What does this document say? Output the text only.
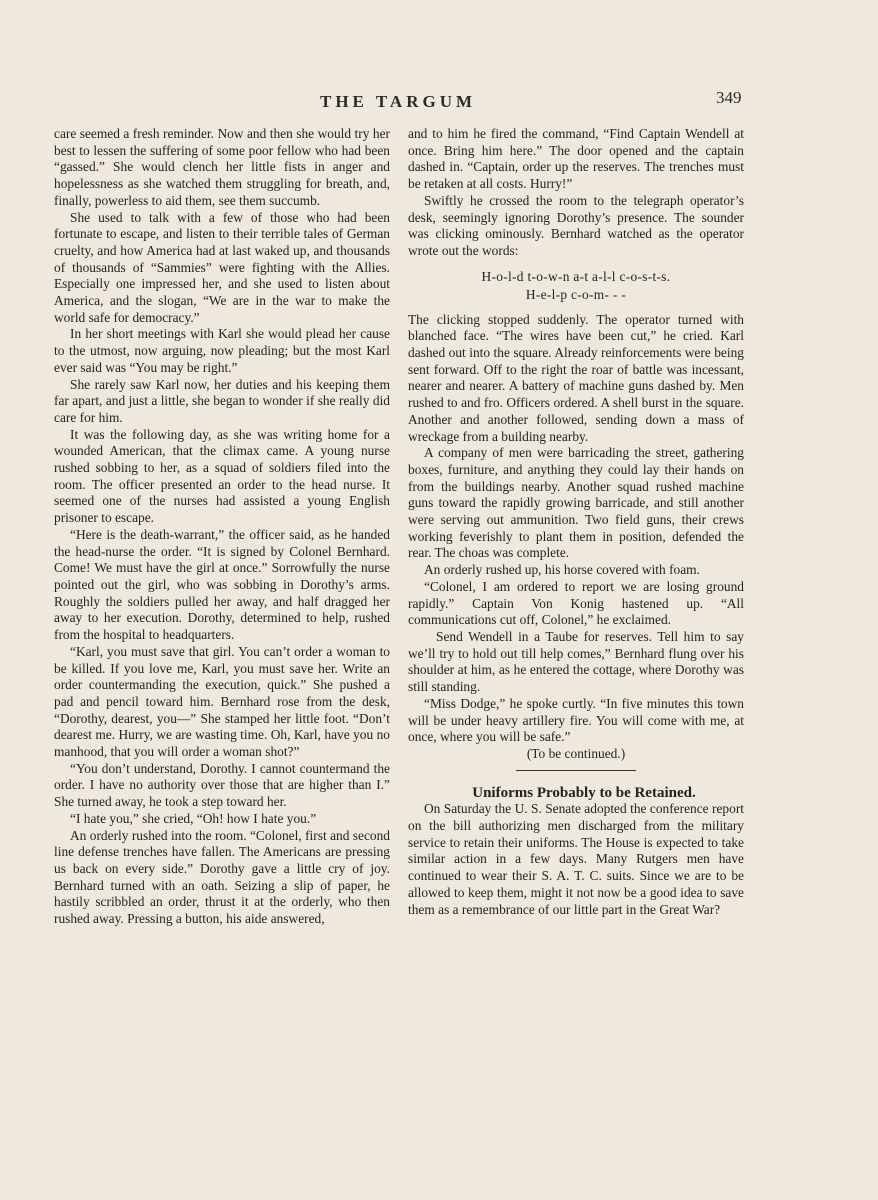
THE TARGUM	349

care seemed a fresh reminder. Now and then she would try her best to lessen the suffering of some poor fellow who had been “gassed.” She would clench her little fists in anger and hopelessness as she watched them struggling for breath, and, finally, powerless to aid them, see them succumb.

She used to talk with a few of those who had been fortunate to escape, and listen to their terrible tales of German cruelty, and how America had at last waked up, and thousands of thousands of “Sammies” were fighting with the Allies. Especially one impressed her, and she used to listen about America, and the slogan, “We are in the war to make the world safe for democracy.”

In her short meetings with Karl she would plead her cause to the utmost, now arguing, now pleading; but the most Karl ever said was “You may be right.”

She rarely saw Karl now, her duties and his keeping them far apart, and just a little, she began to wonder if she really did care for him.

It was the following day, as she was writing home for a wounded American, that the climax came. A young nurse rushed sobbing to her, as a squad of soldiers filed into the room. The officer presented an order to the head nurse. It seemed one of the nurses had assisted a young English prisoner to escape.

“Here is the death-warrant,” the officer said, as he handed the head-nurse the order. “It is signed by Colonel Bernhard. Come! We must have the girl at once.” Sorrowfully the nurse pointed out the girl, who was sobbing in Dorothy’s arms. Roughly the soldiers pulled her away, and half dragged her away to her execution. Dorothy, determined to help, rushed from the hospital to headquarters.

“Karl, you must save that girl. You can’t order a woman to be killed. If you love me, Karl, you must save her. Write an order countermanding the execution, quick.” She pushed a pad and pencil toward him. Bernhard rose from the desk, “Dorothy, dearest, you—” She stamped her little foot. “Don’t dearest me. Hurry, we are wasting time. Oh, Karl, have you no manhood, that you will order a woman shot?”

“You don’t understand, Dorothy. I cannot countermand the order. I have no authority over those that are higher than I.” She turned away, he took a step toward her.

“I hate you,” she cried, “Oh! how I hate you.”

An orderly rushed into the room. “Colonel, first and second line defense trenches have fallen. The Americans are pressing us back on every side.” Dorothy gave a little cry of joy. Bernhard turned with an oath. Seizing a slip of paper, he hastily scribbled an order, thrust it at the orderly, who then rushed away. Pressing a button, his aide answered,

and to him he fired the command, “Find Captain Wendell at once. Bring him here.” The door opened and the captain dashed in. “Captain, order up the reserves. The trenches must be retaken at all costs. Hurry!”

Swiftly he crossed the room to the telegraph operator’s desk, seemingly ignoring Dorothy’s presence. The sounder was clicking ominously. Bernhard watched as the operator wrote out the words:

H-o-l-d t-o-w-n a-t a-l-l c-o-s-t-s.
H-e-l-p c-o-m- - -

The clicking stopped suddenly. The operator turned with blanched face. “The wires have been cut,” he cried. Karl dashed out into the square. Already reinforcements were being sent forward. Off to the right the roar of battle was incessant, nearer and nearer. A battery of machine guns dashed by. Men rushed to and fro. Officers ordered. A shell burst in the square. Another and another followed, sending down a mass of wreckage from a building nearby.

A company of men were barricading the street, gathering boxes, furniture, and anything they could lay their hands on from the buildings nearby. Another squad rushed machine guns toward the rapidly growing barricade, and still another were serving out ammunition. Two field guns, their crews working feverishly to plant them in position, defended the rear. The choas was complete.

An orderly rushed up, his horse covered with foam.

“Colonel, I am ordered to report we are losing ground rapidly.” Captain Von Konig hastened up. “All communications cut off, Colonel,” he exclaimed.

Send Wendell in a Taube for reserves. Tell him to say we’ll try to hold out till help comes,” Bernhard flung over his shoulder at him, as he entered the cottage, where Dorothy was still standing.

“Miss Dodge,” he spoke curtly. “In five minutes this town will be under heavy artillery fire. You will come with me, at once, where you will be safe.”

(To be continued.)

Uniforms Probably to be Retained.

On Saturday the U. S. Senate adopted the conference report on the bill authorizing men discharged from the military service to retain their uniforms. The House is expected to take similar action in a few days. Many Rutgers men have continued to wear their S. A. T. C. suits. Since we are to be allowed to keep them, might it not now be a good idea to save them as a remembrance of our little part in the Great War?
